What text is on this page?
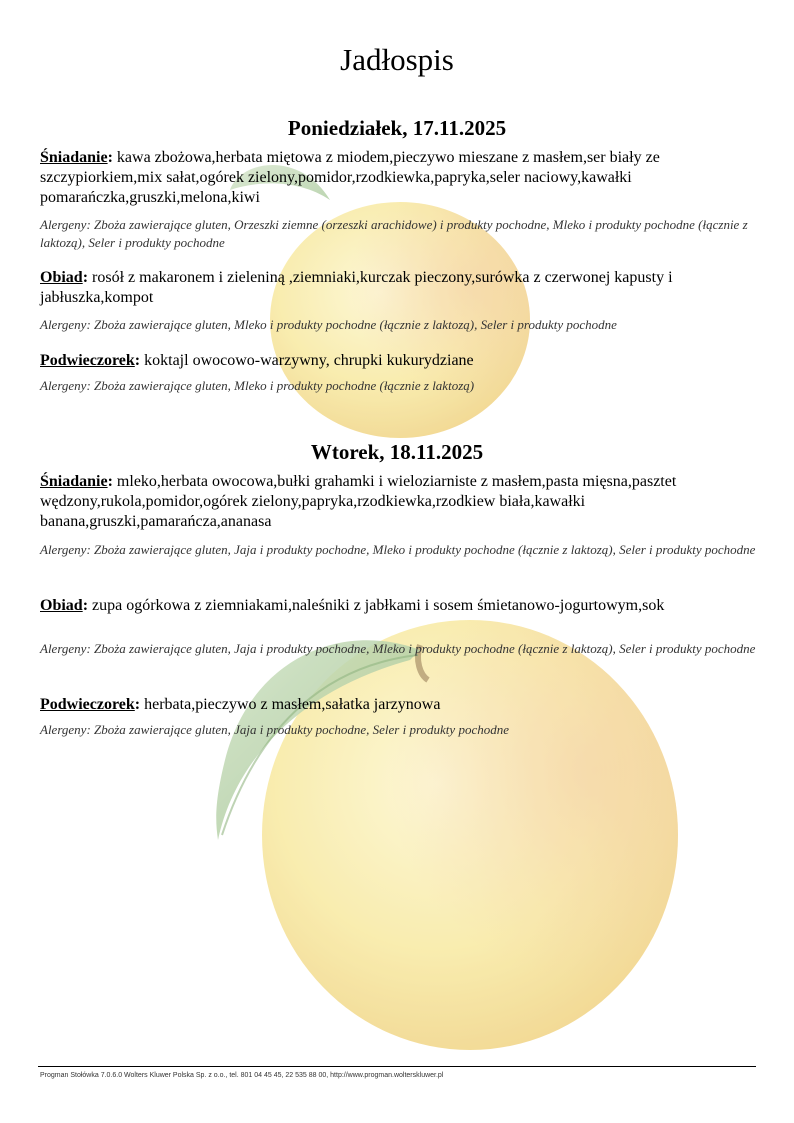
Jadłospis
Poniedziałek, 17.11.2025
Śniadanie: kawa zbożowa,herbata miętowa z miodem,pieczywo mieszane z masłem,ser biały ze szczypiorkiem,mix sałat,ogórek zielony,pomidor,rzodkiewka,papryka,seler naciowy,kawałki pomarańczka,gruszki,melona,kiwi
Alergeny: Zboża zawierające gluten, Orzeszki ziemne (orzeszki arachidowe) i produkty pochodne, Mleko i produkty pochodne (łącznie z laktozą), Seler i produkty pochodne
Obiad: rosół z makaronem i zieleniną ,ziemniaki,kurczak pieczony,surówka z czerwonej kapusty i jabłuszka,kompot
Alergeny: Zboża zawierające gluten, Mleko i produkty pochodne (łącznie z laktozą), Seler i produkty pochodne
Podwieczorek: koktajl owocowo-warzywny, chrupki kukurydziane
Alergeny: Zboża zawierające gluten, Mleko i produkty pochodne (łącznie z laktozą)
Wtorek, 18.11.2025
Śniadanie: mleko,herbata owocowa,bułki grahamki i wieloziarniste z masłem,pasta mięsna,pasztet wędzony,rukola,pomidor,ogórek zielony,papryka,rzodkiewka,rzodkiew biała,kawałki banana,gruszki,pamarańcza,ananasa
Alergeny: Zboża zawierające gluten, Jaja i produkty pochodne, Mleko i produkty pochodne (łącznie z laktozą), Seler i produkty pochodne
Obiad: zupa ogórkowa z ziemniakami,naleśniki z jabłkami i sosem śmietanowo-jogurtowym,sok
Alergeny: Zboża zawierające gluten, Jaja i produkty pochodne, Mleko i produkty pochodne (łącznie z laktozą), Seler i produkty pochodne
Podwieczorek: herbata,pieczywo z masłem,sałatka jarzynowa
Alergeny: Zboża zawierające gluten, Jaja i produkty pochodne, Seler i produkty pochodne
Progman Stołówka 7.0.6.0 Wolters Kluwer Polska Sp. z o.o., tel. 801 04 45 45, 22 535 88 00, http://www.progman.wolterskluwer.pl
